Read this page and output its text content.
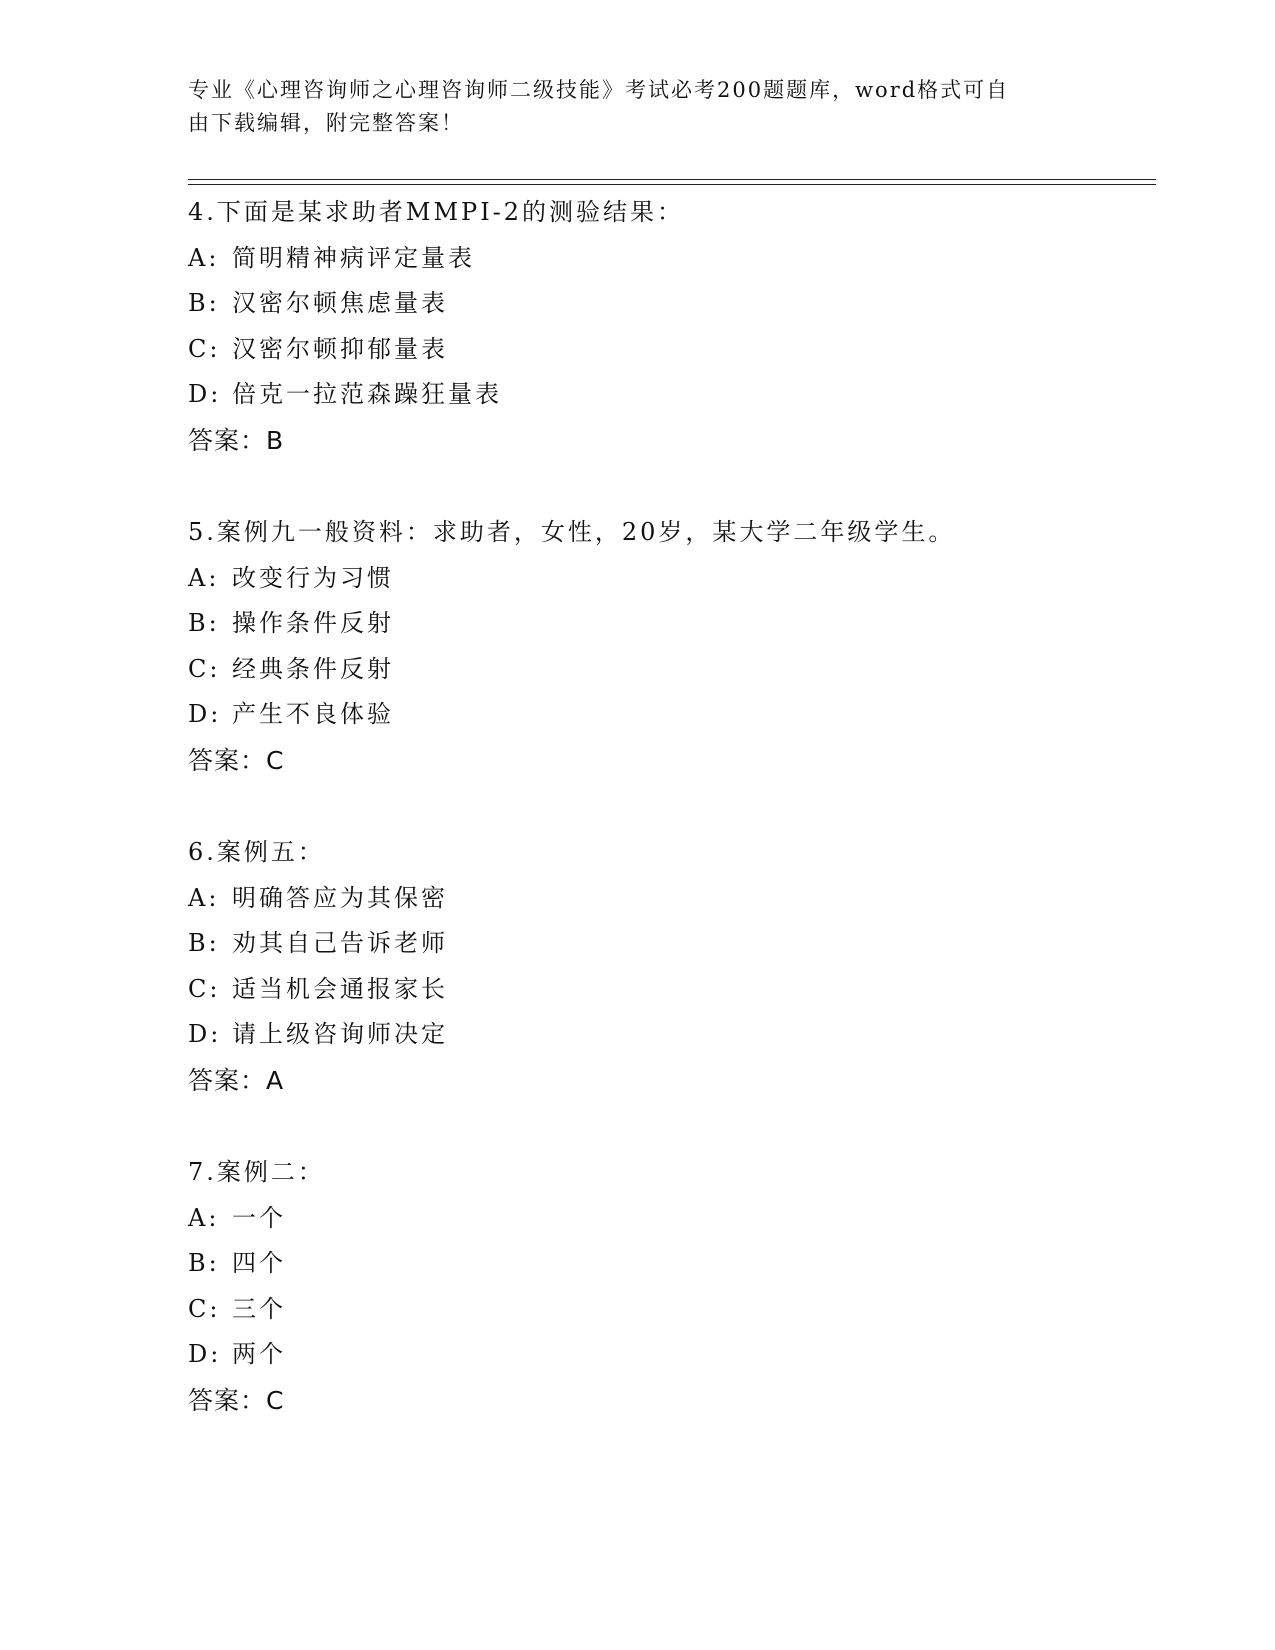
专业《心理咨询师之心理咨询师二级技能》考试必考200题题库，word格式可自
由下载编辑，附完整答案！
4.下面是某求助者MMPI-2的测验结果：
A: 简明精神病评定量表
B: 汉密尔顿焦虑量表
C: 汉密尔顿抑郁量表
D: 倍克一拉范森躁狂量表
答案：B
5.案例九一般资料：求助者，女性，20岁，某大学二年级学生。
A: 改变行为习惯
B: 操作条件反射
C: 经典条件反射
D: 产生不良体验
答案：C
6.案例五：
A: 明确答应为其保密
B: 劝其自己告诉老师
C: 适当机会通报家长
D: 请上级咨询师决定
答案：A
7.案例二：
A: 一个
B: 四个
C: 三个
D: 两个
答案：C
